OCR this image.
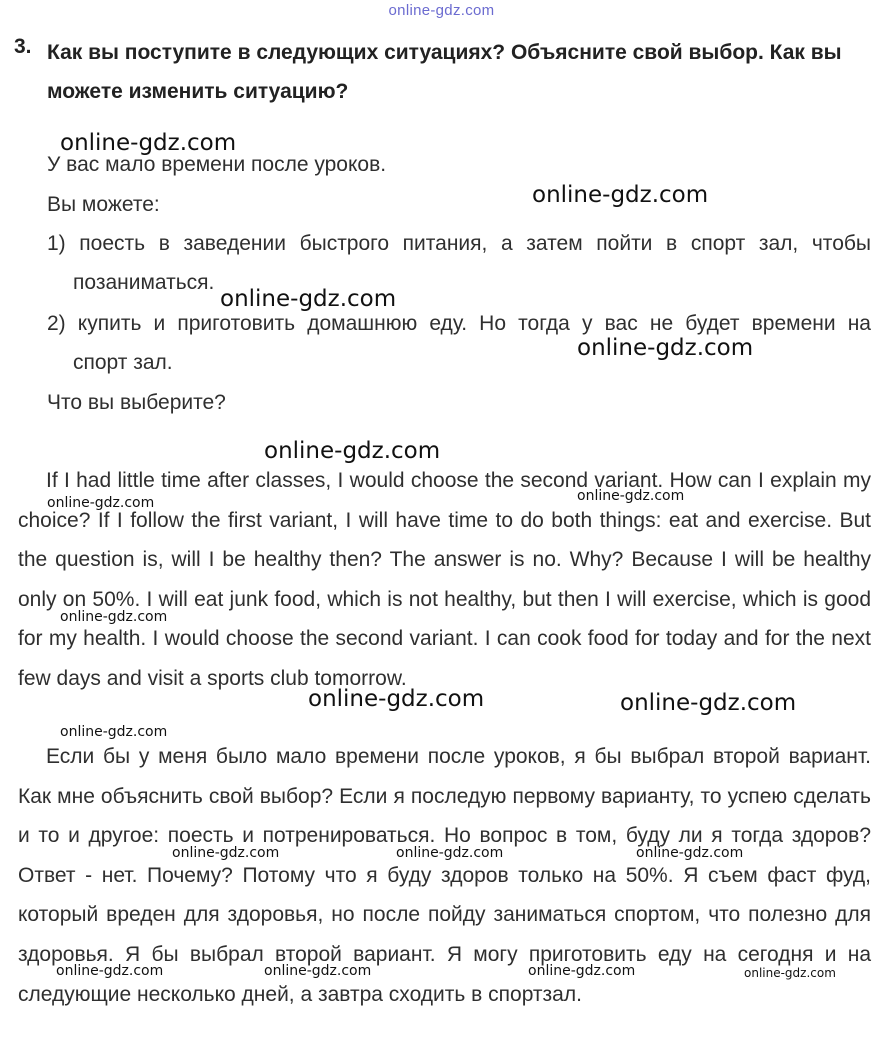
online-gdz.com
3. Как вы поступите в следующих ситуациях? Объясните свой выбор. Как вы можете изменить ситуацию?
У вас мало времени после уроков.
Вы можете:
1) поесть в заведении быстрого питания, а затем пойти в спорт зал, чтобы
позаниматься.
2) купить и приготовить домашнюю еду. Но тогда у вас не будет времени на
спорт зал.
Что вы выберите?
If I had little time after classes, I would choose the second variant. How can I explain my choice? If I follow the first variant, I will have time to do both things: eat and exercise. But the question is, will I be healthy then? The answer is no. Why? Because I will be healthy only on 50%. I will eat junk food, which is not healthy, but then I will exercise, which is good for my health. I would choose the second variant. I can cook food for today and for the next few days and visit a sports club tomorrow.
Если бы у меня было мало времени после уроков, я бы выбрал второй вариант. Как мне объяснить свой выбор? Если я последую первому варианту, то успею сделать и то и другое: поесть и потренироваться. Но вопрос в том, буду ли я тогда здоров? Ответ - нет. Почему? Потому что я буду здоров только на 50%. Я съем фаст фуд, который вреден для здоровья, но после пойду заниматься спортом, что полезно для здоровья. Я бы выбрал второй вариант. Я могу приготовить еду на сегодня и на следующие несколько дней, а завтра сходить в спортзал.
online-gdz.com
online-gdz.com
online-gdz.com
online-gdz.com
online-gdz.com
online-gdz.com	online-gdz.com
online-gdz.com
online-gdz.com	online-gdz.com
online-gdz.com
online-gdz.com	online-gdz.com	online-gdz.com
online-gdz.com	online-gdz.com	online-gdz.com	online-gdz.com
